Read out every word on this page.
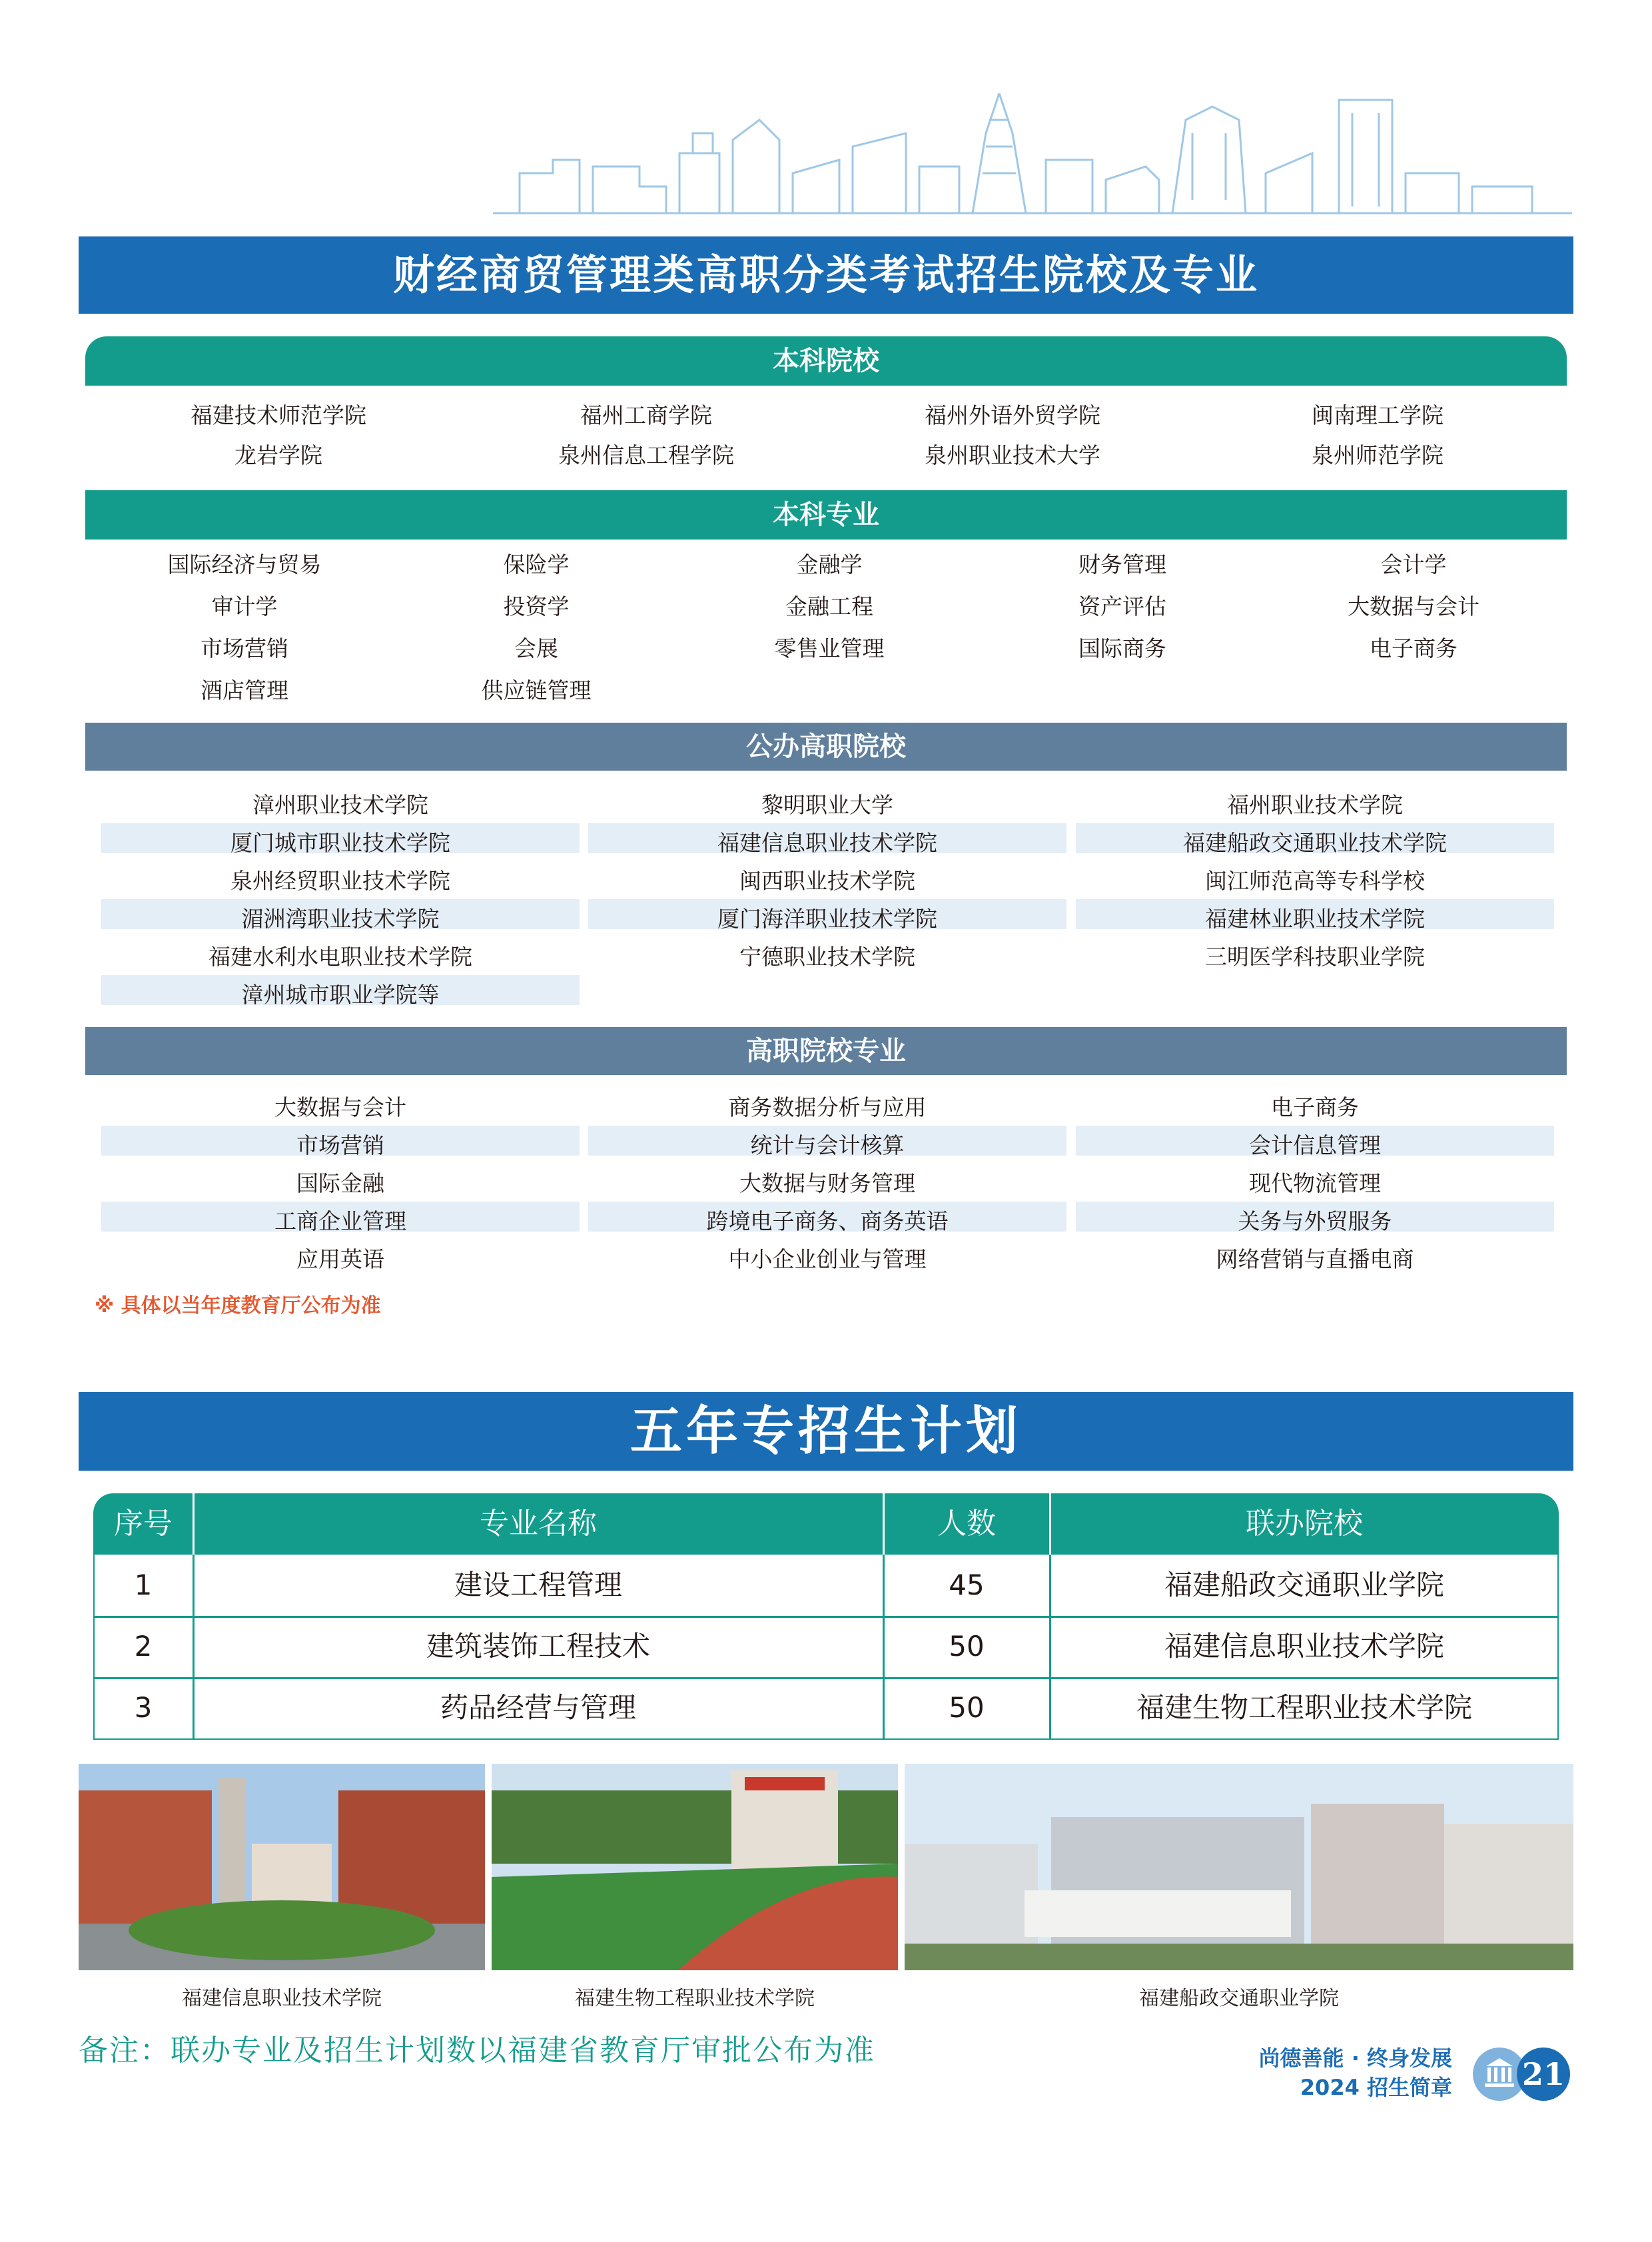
财经商贸管理类高职分类考试招生院校及专业
本科院校
福建技术师范学院	福州工商学院	福州外语外贸学院	闽南理工学院
龙岩学院	泉州信息工程学院	泉州职业技术大学	泉州师范学院
本科专业
国际经济与贸易	保险学	金融学	财务管理	会计学
审计学	投资学	金融工程	资产评估	大数据与会计
市场营销	会展	零售业管理	国际商务	电子商务
酒店管理	供应链管理
公办高职院校
漳州职业技术学院	黎明职业大学	福州职业技术学院
厦门城市职业技术学院	福建信息职业技术学院	福建船政交通职业技术学院
泉州经贸职业技术学院	闽西职业技术学院	闽江师范高等专科学校
湄洲湾职业技术学院	厦门海洋职业技术学院	福建林业职业技术学院
福建水利水电职业技术学院	宁德职业技术学院	三明医学科技职业学院
漳州城市职业学院等
高职院校专业
大数据与会计	商务数据分析与应用	电子商务
市场营销	统计与会计核算	会计信息管理
国际金融	大数据与财务管理	现代物流管理
工商企业管理	跨境电子商务、商务英语	关务与外贸服务
应用英语	中小企业创业与管理	网络营销与直播电商
※ 具体以当年度教育厅公布为准
五年专招生计划
序号	专业名称	人数	联办院校
1	建设工程管理	45	福建船政交通职业学院
2	建筑装饰工程技术	50	福建信息职业技术学院
3	药品经营与管理	50	福建生物工程职业技术学院
福建信息职业技术学院	福建生物工程职业技术学院	福建船政交通职业学院
备注：联办专业及招生计划数以福建省教育厅审批公布为准	尚德善能 · 终身发展
2024 招生简章 21
